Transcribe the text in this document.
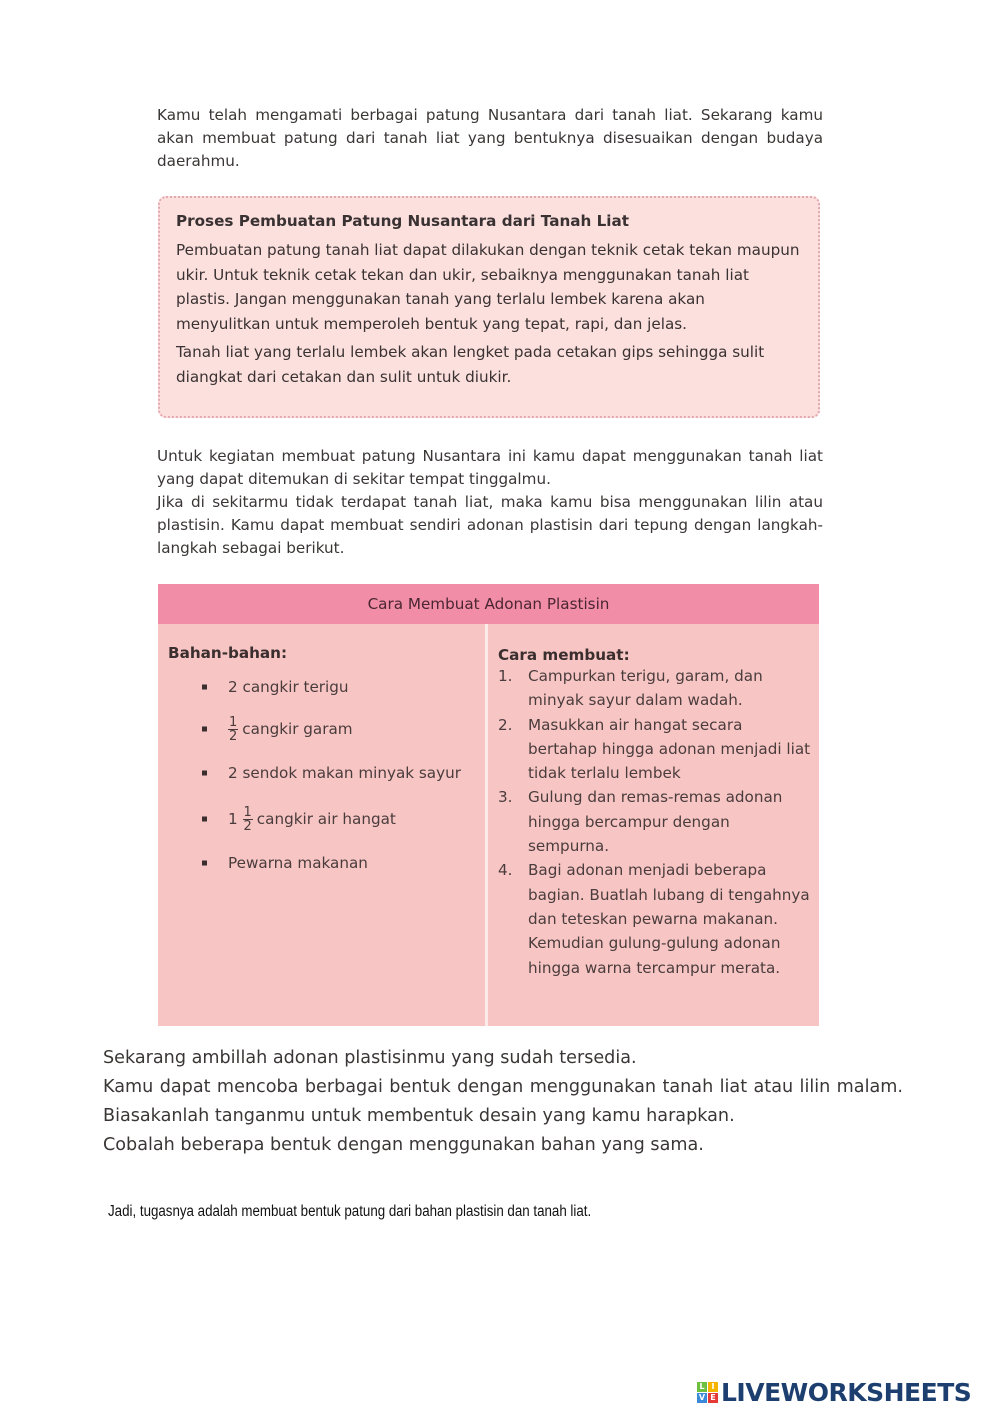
Kamu telah mengamati berbagai patung Nusantara dari tanah liat. Sekarang kamu akan membuat patung dari tanah liat yang bentuknya disesuaikan dengan budaya daerahmu.

Proses Pembuatan Patung Nusantara dari Tanah Liat

Pembuatan patung tanah liat dapat dilakukan dengan teknik cetak tekan maupun ukir. Untuk teknik cetak tekan dan ukir, sebaiknya menggunakan tanah liat plastis. Jangan menggunakan tanah yang terlalu lembek karena akan menyulitkan untuk memperoleh bentuk yang tepat, rapi, dan jelas.

Tanah liat yang terlalu lembek akan lengket pada cetakan gips sehingga sulit diangkat dari cetakan dan sulit untuk diukir.

Untuk kegiatan membuat patung Nusantara ini kamu dapat menggunakan tanah liat yang dapat ditemukan di sekitar tempat tinggalmu.

Jika di sekitarmu tidak terdapat tanah liat, maka kamu bisa menggunakan lilin atau plastisin. Kamu dapat membuat sendiri adonan plastisin dari tepung dengan langkah-langkah sebagai berikut.

Cara Membuat Adonan Plastisin
Bahan-bahan:
2 cangkir terigu
$\frac{1}{2}$ cangkir garam
2 sendok makan minyak sayur
$1 \frac{1}{2}$ cangkir air hangat
Pewarna makanan
Cara membuat:
1.	Campurkan terigu, garam, dan minyak sayur dalam wadah.
2.	Masukkan air hangat secara bertahap hingga adonan menjadi liat tidak terlalu lembek
3.	Gulung dan remas-remas adonan hingga bercampur dengan sempurna.
4.	Bagi adonan menjadi beberapa bagian. Buatlah lubang di tengahnya dan teteskan pewarna makanan. Kemudian gulung-gulung adonan hingga warna tercampur merata.

Sekarang ambillah adonan plastisinmu yang sudah tersedia.

Kamu dapat mencoba berbagai bentuk dengan menggunakan tanah liat atau lilin malam. Biasakanlah tanganmu untuk membentuk desain yang kamu harapkan.

Cobalah beberapa bentuk dengan menggunakan bahan yang sama.

Jadi, tugasnya adalah membuat bentuk patung dari bahan plastisin dan tanah liat.
L I
V E LIVEWORKSHEETS
